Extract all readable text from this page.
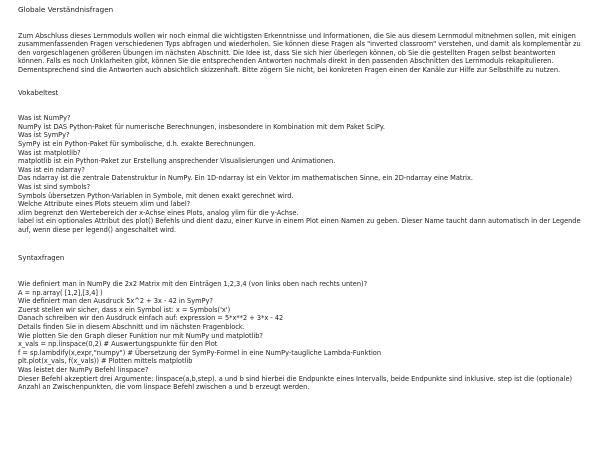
Globale Verständnisfragen
Zum Abschluss dieses Lernmoduls wollen wir noch einmal die wichtigsten Erkenntnisse und Informationen, die Sie aus diesem Lernmodul mitnehmen sollen, mit einigen zusammenfassenden Fragen verschiedenen Typs abfragen und wiederholen. Sie können diese Fragen als "inverted classroom" verstehen, und damit als komplementär zu den vorgeschlagenen größeren Übungen im nächsten Abschnitt. Die Idee ist, dass Sie sich hier überlegen können, ob Sie die gestellten Fragen selbst beantworten können. Falls es noch Unklarheiten gibt, können Sie die entsprechenden Antworten nochmals direkt in den passenden Abschnitten des Lernmoduls rekapitulieren. Dementsprechend sind die Antworten auch absichtlich skizzenhaft. Bitte zögern Sie nicht, bei konkreten Fragen einen der Kanäle zur Hilfe zur Selbsthilfe zu nutzen.
Vokabeltest
Was ist NumPy?
NumPy ist DAS Python-Paket für numerische Berechnungen, insbesondere in Kombination mit dem Paket SciPy.
Was ist SymPy?
SymPy ist ein Python-Paket für symbolische, d.h. exakte Berechnungen.
Was ist matplotlib?
matplotlib ist ein Python-Paket zur Erstellung ansprechender Visualisierungen und Animationen.
Was ist ein ndarray?
Das ndarray ist die zentrale Datenstruktur in NumPy. Ein 1D-ndarray ist ein Vektor im mathematischen Sinne, ein 2D-ndarray eine Matrix.
Was ist sind symbols?
Symbols übersetzen Python-Variablen in Symbole, mit denen exakt gerechnet wird.
Welche Attribute eines Plots steuern xlim und label?
xlim begrenzt den Wertebereich der x-Achse eines Plots, analog ylim für die y-Achse.
label ist ein optionales Attribut des plot() Befehls und dient dazu, einer Kurve in einem Plot einen Namen zu geben. Dieser Name taucht dann automatisch in der Legende auf, wenn diese per legend() angeschaltet wird.
Syntaxfragen
Wie definiert man in NumPy die 2x2 Matrix mit den Einträgen 1,2,3,4 (von links oben nach rechts unten)?
A = np.array( [1,2],[3,4] )
Wie definiert man den Ausdruck 5x^2 + 3x - 42 in SymPy?
Zuerst stellen wir sicher, dass x ein Symbol ist: x = Symbols('x')
Danach schreiben wir den Ausdruck einfach auf: expression = 5*x**2 + 3*x - 42
Details finden Sie in diesem Abschnitt und im nächsten Fragenblock.
Wie plotten Sie den Graph dieser Funktion nur mit NumPy und matplotlib?
x_vals = np.linspace(0,2) # Auswertungspunkte für den Plot
f = sp.lambdify(x,expr,"numpy") # Übersetzung der SymPy-Formel in eine NumPy-taugliche Lambda-Funktion
plt.plot(x_vals, f(x_vals)) # Plotten mittels matplotlib
Was leistet der NumPy Befehl linspace?
Dieser Befehl akzeptiert drei Argumente: linspace(a,b,step). a und b sind hierbei die Endpunkte eines Intervalls, beide Endpunkte sind inklusive. step ist die (optionale) Anzahl an Zwischenpunkten, die vom linspace Befehl zwischen a und b erzeugt werden.
